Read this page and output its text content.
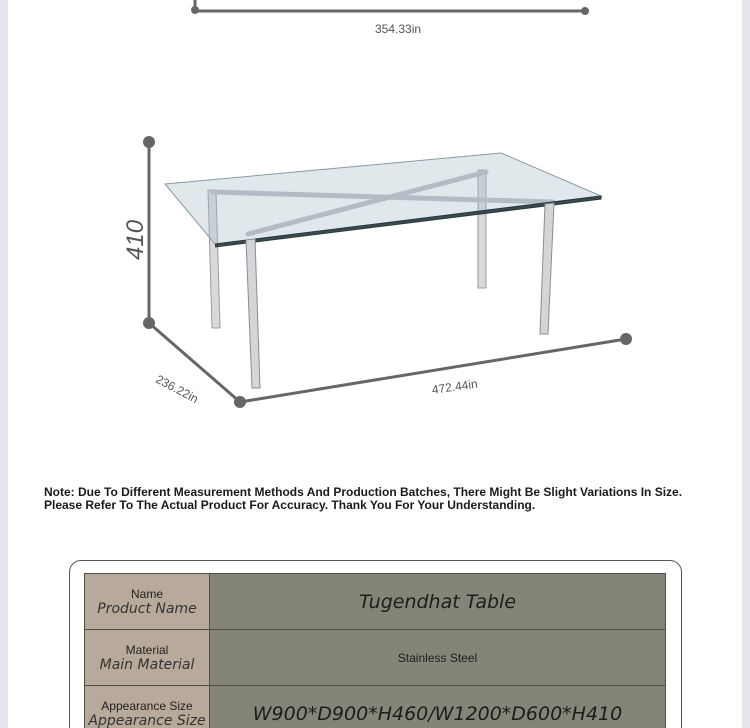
354.33in
410
236.22in	472.44in
Note: Due To Different Measurement Methods And Production Batches, There Might Be Slight Variations In Size. Please Refer To The Actual Product For Accuracy. Thank You For Your Understanding.
Name
Product Name	Tugendhat Table

Material
Main Material	Stainless Steel

Appearance Size
Appearance Size	W900*D900*H460/W1200*D600*H410
